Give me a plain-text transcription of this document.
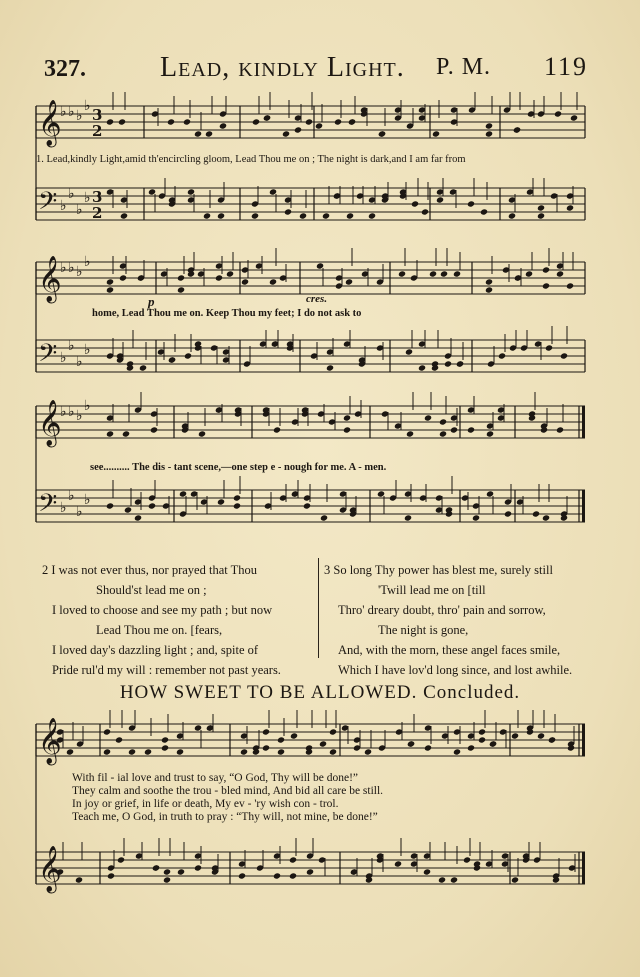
327.	Lead, kindly Light. P. M. 119
𝄞
♭ ♭ ♭
♭
𝄢 ♭
♭
♭
♭
𝄞
♭ ♭ ♭
♭
𝄢 ♭
♭
♭
♭
𝄞
♭ ♭ ♭
♭
𝄢 ♭
♭
♭
♭
𝄞
𝄞
3
2
3
2
1. Lead,kindly Light,amid th'encircling gloom, Lead Thou me on ; The night is dark,and I am far from
home, Lead Thou me on. Keep Thou my feet; I do not ask to
p	cres.
see.......... The dis - tant scene,—one step e - nough for me. A - men.
2 I was not ever thus, nor prayed that Thou
Should'st lead me on ;
I loved to choose and see my path ; but now
Lead Thou me on. [fears,
I loved day's dazzling light ; and, spite of
Pride rul'd my will : remember not past years.
3 So long Thy power has blest me, surely still
'Twill lead me on [till
Thro' dreary doubt, thro' pain and sorrow,
The night is gone,
And, with the morn, these angel faces smile,
Which I have lov'd long since, and lost awhile.
HOW SWEET TO BE ALLOWED. Concluded.
With fil - ial love and trust to say, “O God, Thy will be done!”
They calm and soothe the trou - bled mind, And bid all care be still.
In joy or grief, in life or death, My ev - 'ry wish con - trol.
Teach me, O God, in truth to pray : “Thy will, not mine, be done!”
